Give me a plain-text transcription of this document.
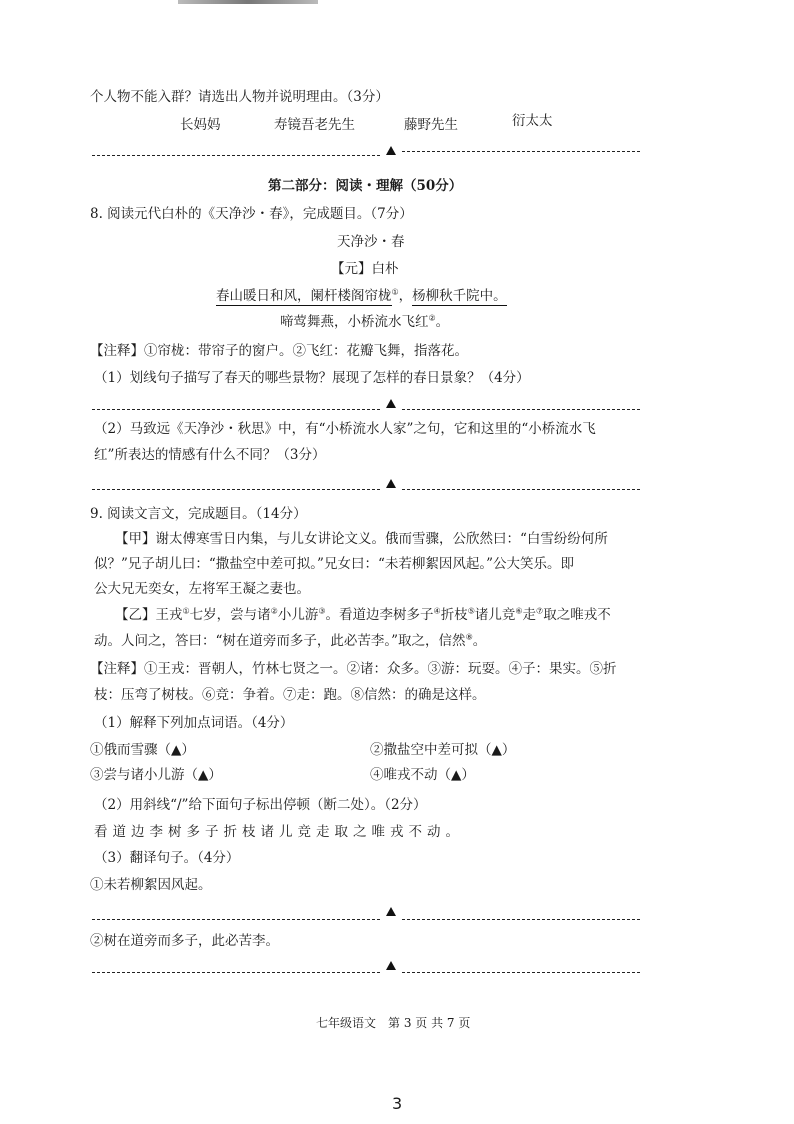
个人物不能入群？请选出人物并说明理由。（3分）
长妈妈	寿镜吾老先生	藤野先生	衍太太
第二部分：阅读・理解（50分）
8. 阅读元代白朴的《天净沙・春》，完成题目。（7分）
天净沙・春
【元】白朴
春山暖日和风，阑杆楼阁帘栊①，杨柳秋千院中。
啼莺舞燕，小桥流水飞红②。
【注释】①帘栊：带帘子的窗户。②飞红：花瓣飞舞，指落花。
（1）划线句子描写了春天的哪些景物？展现了怎样的春日景象？（4分）
（2）马致远《天净沙・秋思》中，有“小桥流水人家”之句，它和这里的“小桥流水飞
红”所表达的情感有什么不同？（3分）
9. 阅读文言文，完成题目。（14分）
【甲】谢太傅寒雪日内集，与儿女讲论文义。俄而雪骤，公欣然曰：“白雪纷纷何所
似？”兄子胡儿曰：“撒盐空中差可拟。”兄女曰：“未若柳絮因风起。”公大笑乐。即
公大兄无奕女，左将军王凝之妻也。
【乙】王戎①七岁，尝与诸②小儿游③。看道边李树多子④折枝⑤诸儿竞⑥走⑦取之唯戎不
动。人问之，答曰：“树在道旁而多子，此必苦李。”取之，信然⑧。
【注释】①王戎：晋朝人，竹林七贤之一。②诸：众多。③游：玩耍。④子：果实。⑤折
枝：压弯了树枝。⑥竞：争着。⑦走：跑。⑧信然：的确是这样。
（1）解释下列加点词语。（4分）
①俄而雪骤（▲）	②撒盐空中差可拟（▲）
③尝与诸小儿游（▲）	④唯戎不动（▲）
（2）用斜线“/”给下面句子标出停顿（断二处）。（2分）
看道边李树多子折枝诸儿竞走取之唯戎不动。
（3）翻译句子。（4分）
①未若柳絮因风起。
②树在道旁而多子，此必苦李。
七年级语文　第 3 页 共 7 页
3
